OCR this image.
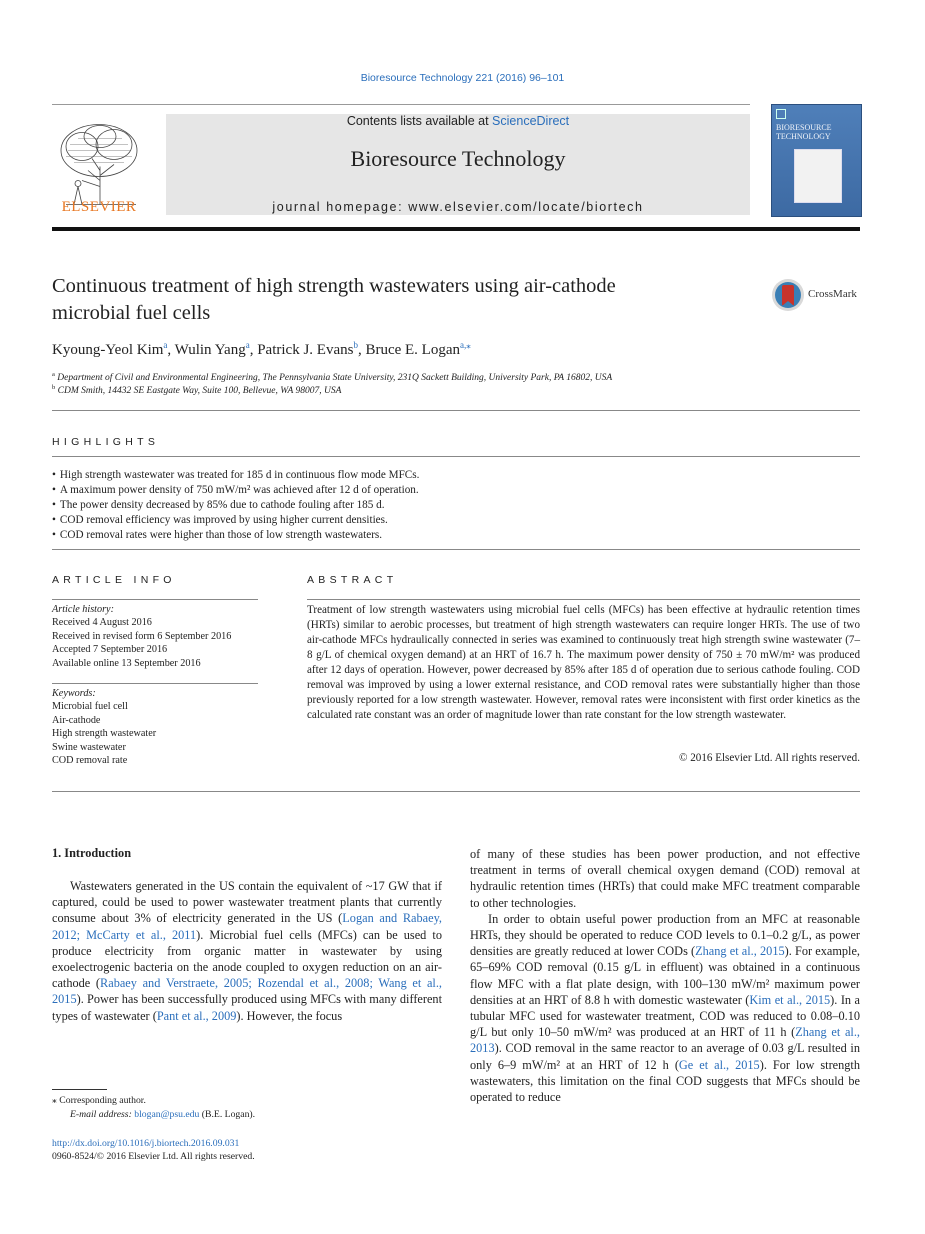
Bioresource Technology 221 (2016) 96–101
ELSEVIER
Contents lists available at ScienceDirect
Bioresource Technology
journal homepage: www.elsevier.com/locate/biortech
BIORESOURCE TECHNOLOGY
Continuous treatment of high strength wastewaters using air-cathode
microbial fuel cells
CrossMark
Kyoung-Yeol Kim$^a$, Wulin Yang$^a$, Patrick J. Evans$^b$, Bruce E. Logan$^{a,⁎}$
$^a$ Department of Civil and Environmental Engineering, The Pennsylvania State University, 231Q Sackett Building, University Park, PA 16802, USA
$^b$ CDM Smith, 14432 SE Eastgate Way, Suite 100, Bellevue, WA 98007, USA
HIGHLIGHTS
• High strength wastewater was treated for 185 d in continuous flow mode MFCs.
• A maximum power density of 750 mW/m² was achieved after 12 d of operation.
• The power density decreased by 85% due to cathode fouling after 185 d.
• COD removal efficiency was improved by using higher current densities.
• COD removal rates were higher than those of low strength wastewaters.
ARTICLE INFO
Article history:
Received 4 August 2016
Received in revised form 6 September 2016
Accepted 7 September 2016
Available online 13 September 2016
Keywords:
Microbial fuel cell
Air-cathode
High strength wastewater
Swine wastewater
COD removal rate
ABSTRACT
Treatment of low strength wastewaters using microbial fuel cells (MFCs) has been effective at hydraulic retention times (HRTs) similar to aerobic processes, but treatment of high strength wastewaters can require longer HRTs. The use of two air-cathode MFCs hydraulically connected in series was examined to continuously treat high strength swine wastewater (7–8 g/L of chemical oxygen demand) at an HRT of 16.7 h. The maximum power density of 750 ± 70 mW/m² was produced after 12 days of operation. However, power decreased by 85% after 185 d of operation due to serious cathode fouling. COD removal was improved by using a lower external resistance, and COD removal rates were substantially higher than those previously reported for a low strength wastewater. However, removal rates were inconsistent with first order kinetics as the calculated rate constant was an order of magnitude lower than rate constant for the low strength wastewater.
© 2016 Elsevier Ltd. All rights reserved.
1. Introduction

Wastewaters generated in the US contain the equivalent of ~17 GW that if captured, could be used to power wastewater treatment plants that currently consume about 3% of electricity generated in the US (Logan and Rabaey, 2012; McCarty et al., 2011). Microbial fuel cells (MFCs) can be used to produce electricity from organic matter in wastewater by using exoelectrogenic bacteria on the anode coupled to oxygen reduction on an air-cathode (Rabaey and Verstraete, 2005; Rozendal et al., 2008; Wang et al., 2015). Power has been successfully produced using MFCs with many different types of wastewater (Pant et al., 2009). However, the focus

of many of these studies has been power production, and not effective treatment in terms of overall chemical oxygen demand (COD) removal at hydraulic retention times (HRTs) that could make MFC treatment comparable to other technologies.

In order to obtain useful power production from an MFC at reasonable HRTs, they should be operated to reduce COD levels to 0.1–0.2 g/L, as power densities are greatly reduced at lower CODs (Zhang et al., 2015). For example, 65–69% COD removal (0.15 g/L in effluent) was obtained in a continuous flow MFC with a flat plate design, with 100–130 mW/m² maximum power densities at an HRT of 8.8 h with domestic wastewater (Kim et al., 2015). In a tubular MFC used for wastewater treatment, COD was reduced to 0.08–0.10 g/L but only 10–50 mW/m² was produced at an HRT of 11 h (Zhang et al., 2013). COD removal in the same reactor to an average of 0.03 g/L resulted in only 6–9 mW/m² at an HRT of 12 h (Ge et al., 2015). For low strength wastewaters, this limitation on the final COD suggests that MFCs should be operated to reduce

⁎ Corresponding author.
E-mail address: blogan@psu.edu (B.E. Logan).
http://dx.doi.org/10.1016/j.biortech.2016.09.031
0960-8524/© 2016 Elsevier Ltd. All rights reserved.
